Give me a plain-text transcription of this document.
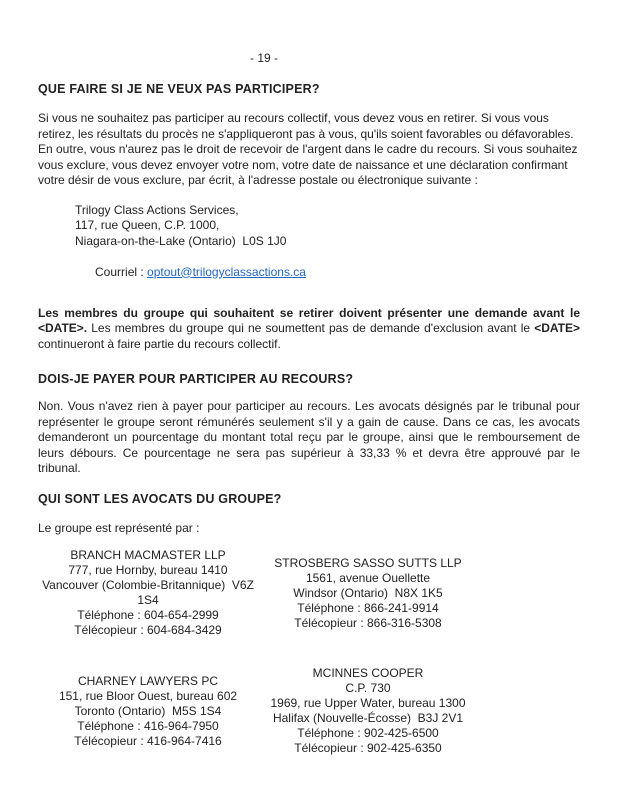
- 19 -
QUE FAIRE SI JE NE VEUX PAS PARTICIPER?

Si vous ne souhaitez pas participer au recours collectif, vous devez vous en retirer. Si vous vous retirez, les résultats du procès ne s'appliqueront pas à vous, qu'ils soient favorables ou défavorables. En outre, vous n'aurez pas le droit de recevoir de l'argent dans le cadre du recours. Si vous souhaitez vous exclure, vous devez envoyer votre nom, votre date de naissance et une déclaration confirmant votre désir de vous exclure, par écrit, à l'adresse postale ou électronique suivante :

Trilogy Class Actions Services,
117, rue Queen, C.P. 1000,
Niagara-on-the-Lake (Ontario)  L0S 1J0

Courriel : optout@trilogyclassactions.ca

Les membres du groupe qui souhaitent se retirer doivent présenter une demande avant le <DATE>. Les membres du groupe qui ne soumettent pas de demande d'exclusion avant le <DATE> continueront à faire partie du recours collectif.

DOIS-JE PAYER POUR PARTICIPER AU RECOURS?

Non. Vous n'avez rien à payer pour participer au recours. Les avocats désignés par le tribunal pour représenter le groupe seront rémunérés seulement s'il y a gain de cause. Dans ce cas, les avocats demanderont un pourcentage du montant total reçu par le groupe, ainsi que le remboursement de leurs débours. Ce pourcentage ne sera pas supérieur à 33,33 % et devra être approuvé par le tribunal.

QUI SONT LES AVOCATS DU GROUPE?

Le groupe est représenté par :

BRANCH MACMASTER LLP
777, rue Hornby, bureau 1410
Vancouver (Colombie-Britannique)  V6Z 1S4
Téléphone : 604-654-2999
Télécopieur : 604-684-3429
STROSBERG SASSO SUTTS LLP
1561, avenue Ouellette
Windsor (Ontario)  N8X 1K5
Téléphone : 866-241-9914
Télécopieur : 866-316-5308
CHARNEY LAWYERS PC
151, rue Bloor Ouest, bureau 602
Toronto (Ontario)  M5S 1S4
Téléphone : 416-964-7950
Télécopieur : 416-964-7416
MCINNES COOPER
C.P. 730
1969, rue Upper Water, bureau 1300
Halifax (Nouvelle-Écosse)  B3J 2V1
Téléphone : 902-425-6500
Télécopieur : 902-425-6350
